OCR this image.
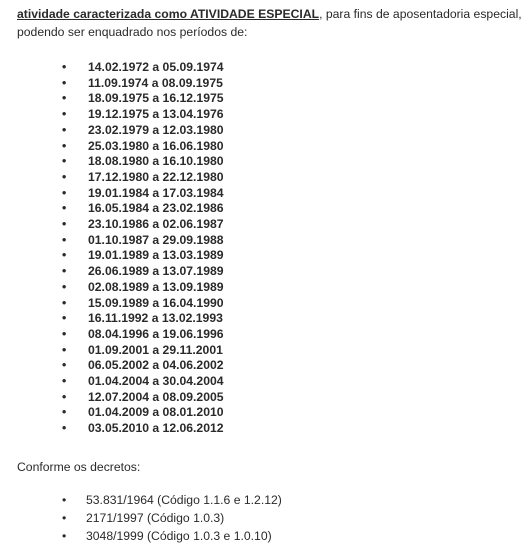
atividade caracterizada como ATIVIDADE ESPECIAL, para fins de aposentadoria especial,
podendo ser enquadrado nos períodos de:
• 14.02.1972 a 05.09.1974
• 11.09.1974 a 08.09.1975
• 18.09.1975 a 16.12.1975
• 19.12.1975 a 13.04.1976
• 23.02.1979 a 12.03.1980
• 25.03.1980 a 16.06.1980
• 18.08.1980 a 16.10.1980
• 17.12.1980 a 22.12.1980
• 19.01.1984 a 17.03.1984
• 16.05.1984 a 23.02.1986
• 23.10.1986 a 02.06.1987
• 01.10.1987 a 29.09.1988
• 19.01.1989 a 13.03.1989
• 26.06.1989 a 13.07.1989
• 02.08.1989 a 13.09.1989
• 15.09.1989 a 16.04.1990
• 16.11.1992 a 13.02.1993
• 08.04.1996 a 19.06.1996
• 01.09.2001 a 29.11.2001
• 06.05.2002 a 04.06.2002
• 01.04.2004 a 30.04.2004
• 12.07.2004 a 08.09.2005
• 01.04.2009 a 08.01.2010
• 03.05.2010 a 12.06.2012
Conforme os decretos:
• 53.831/1964 (Código 1.1.6 e 1.2.12)
• 2171/1997 (Código 1.0.3)
• 3048/1999 (Código 1.0.3 e 1.0.10)
